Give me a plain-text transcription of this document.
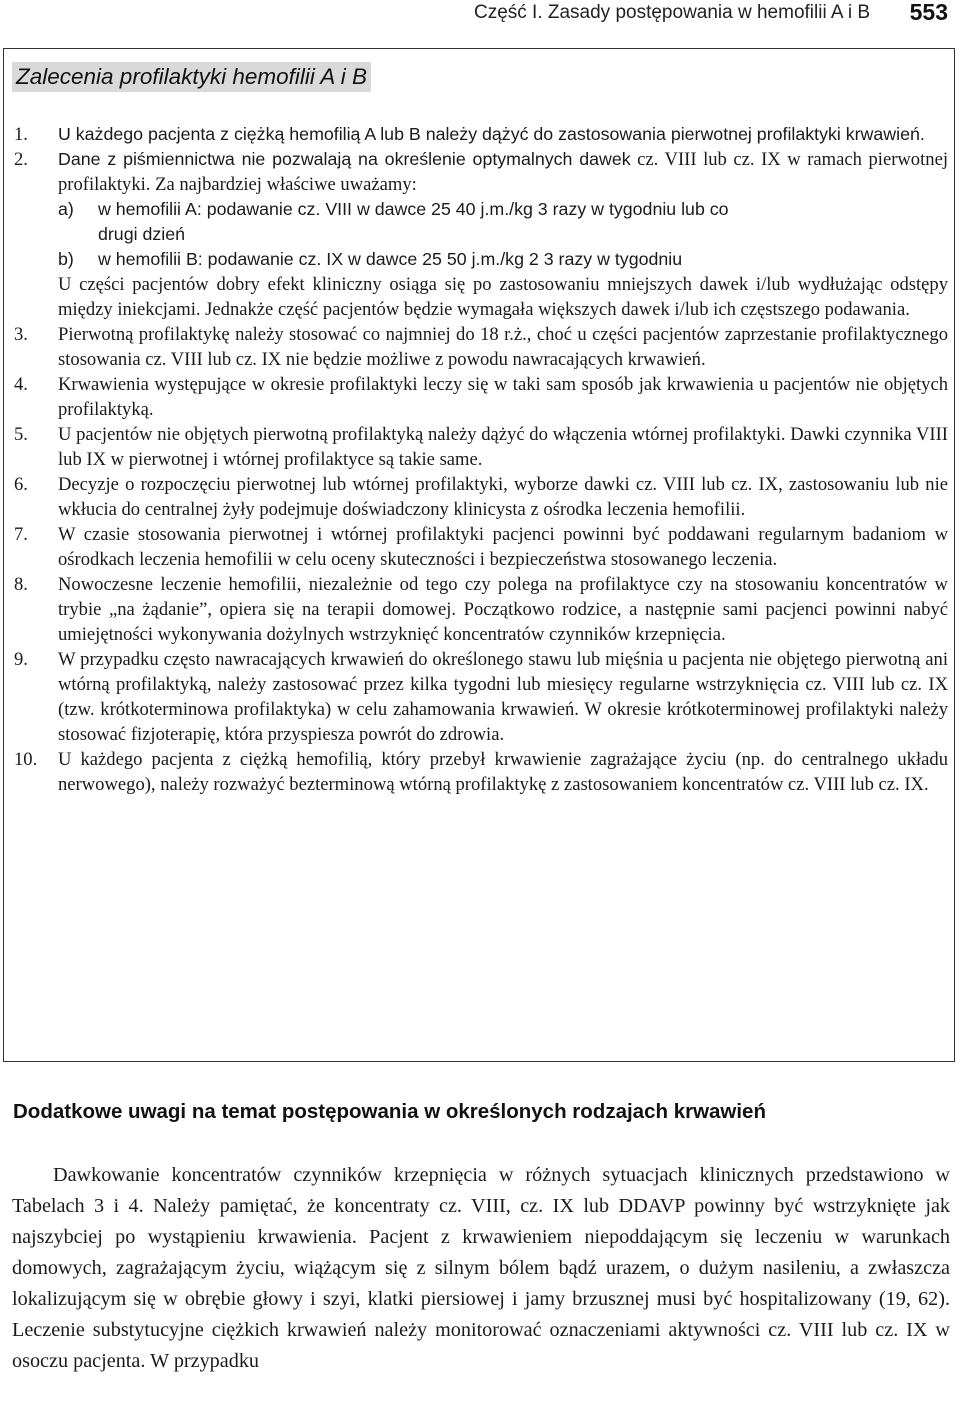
Część I. Zasady postępowania w hemofilii A i B 553
Zalecenia profilaktyki hemofilii A i B
1. U każdego pacjenta z ciężką hemofilią A lub B należy dążyć do zastosowania pierwotnej profilaktyki krwawień.

2. Dane z piśmiennictwa nie pozwalają na określenie optymalnych dawek cz. VIII lub cz. IX w ramach pierwotnej profilaktyki. Za najbardziej właściwe uważamy:

a) w hemofilii A: podawanie cz. VIII w dawce 25 40 j.m./kg 3 razy w tygodniu lub co
drugi dzień
b) w hemofilii B: podawanie cz. IX w dawce 25 50 j.m./kg 2 3 razy w tygodniu

U części pacjentów dobry efekt kliniczny osiąga się po zastosowaniu mniejszych dawek i/lub wydłużając odstępy między iniekcjami. Jednakże część pacjentów będzie wymagała większych dawek i/lub ich częstszego podawania.

3. Pierwotną profilaktykę należy stosować co najmniej do 18 r.ż., choć u części pacjentów zaprzestanie profilaktycznego stosowania cz. VIII lub cz. IX nie będzie możliwe z powodu nawracających krwawień.

4. Krwawienia występujące w okresie profilaktyki leczy się w taki sam sposób jak krwawienia u pacjentów nie objętych profilaktyką.

5. U pacjentów nie objętych pierwotną profilaktyką należy dążyć do włączenia wtórnej profilaktyki. Dawki czynnika VIII lub IX w pierwotnej i wtórnej profilaktyce są takie same.

6. Decyzje o rozpoczęciu pierwotnej lub wtórnej profilaktyki, wyborze dawki cz. VIII lub cz. IX, zastosowaniu lub nie wkłucia do centralnej żyły podejmuje doświadczony klinicysta z ośrodka leczenia hemofilii.

7. W czasie stosowania pierwotnej i wtórnej profilaktyki pacjenci powinni być poddawani regularnym badaniom w ośrodkach leczenia hemofilii w celu oceny skuteczności i bezpieczeństwa stosowanego leczenia.

8. Nowoczesne leczenie hemofilii, niezależnie od tego czy polega na profilaktyce czy na stosowaniu koncentratów w trybie „na żądanie”, opiera się na terapii domowej. Początkowo rodzice, a następnie sami pacjenci powinni nabyć umiejętności wykonywania dożylnych wstrzyknięć koncentratów czynników krzepnięcia.

9. W przypadku często nawracających krwawień do określonego stawu lub mięśnia u pacjenta nie objętego pierwotną ani wtórną profilaktyką, należy zastosować przez kilka tygodni lub miesięcy regularne wstrzyknięcia cz. VIII lub cz. IX (tzw. krótkoterminowa profilaktyka) w celu zahamowania krwawień. W okresie krótkoterminowej profilaktyki należy stosować fizjoterapię, która przyspiesza powrót do zdrowia.

10. U każdego pacjenta z ciężką hemofilią, który przebył krwawienie zagrażające życiu (np. do centralnego układu nerwowego), należy rozważyć bezterminową wtórną profilaktykę z zastosowaniem koncentratów cz. VIII lub cz. IX.

Dodatkowe uwagi na temat postępowania w określonych rodzajach krwawień

Dawkowanie koncentratów czynników krzepnięcia w różnych sytuacjach klinicznych przedstawiono w Tabelach 3 i 4. Należy pamiętać, że koncentraty cz. VIII, cz. IX lub DDAVP powinny być wstrzyknięte jak najszybciej po wystąpieniu krwawienia. Pacjent z krwawieniem niepoddającym się leczeniu w warunkach domowych, zagrażającym życiu, wiążącym się z silnym bólem bądź urazem, o dużym nasileniu, a zwłaszcza lokalizującym się w obrębie głowy i szyi, klatki piersiowej i jamy brzusznej musi być hospitalizowany (19, 62). Leczenie substytucyjne ciężkich krwawień należy monitorować oznaczeniami aktywności cz. VIII lub cz. IX w osoczu pacjenta. W przypadku
